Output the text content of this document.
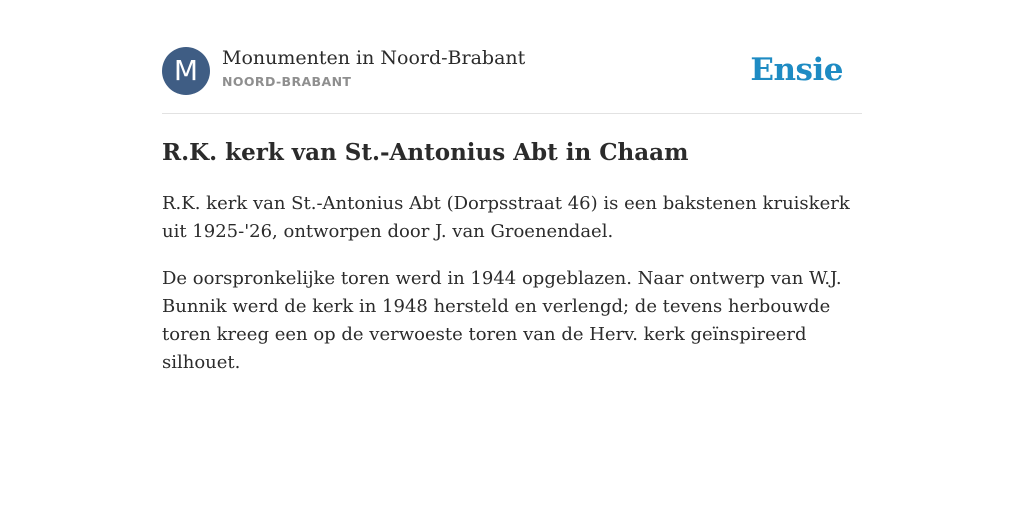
M	Monumenten in Noord-Brabant
NOORD-BRABANT	Ensie
R.K. kerk van St.-Antonius Abt in Chaam

R.K. kerk van St.-Antonius Abt (Dorpsstraat 46) is een bakstenen kruiskerk uit 1925-'26, ontworpen door J. van Groenendael.

De oorspronkelijke toren werd in 1944 opgeblazen. Naar ontwerp van W.J. Bunnik werd de kerk in 1948 hersteld en verlengd; de tevens herbouwde toren kreeg een op de verwoeste toren van de Herv. kerk geïnspireerd silhouet.
